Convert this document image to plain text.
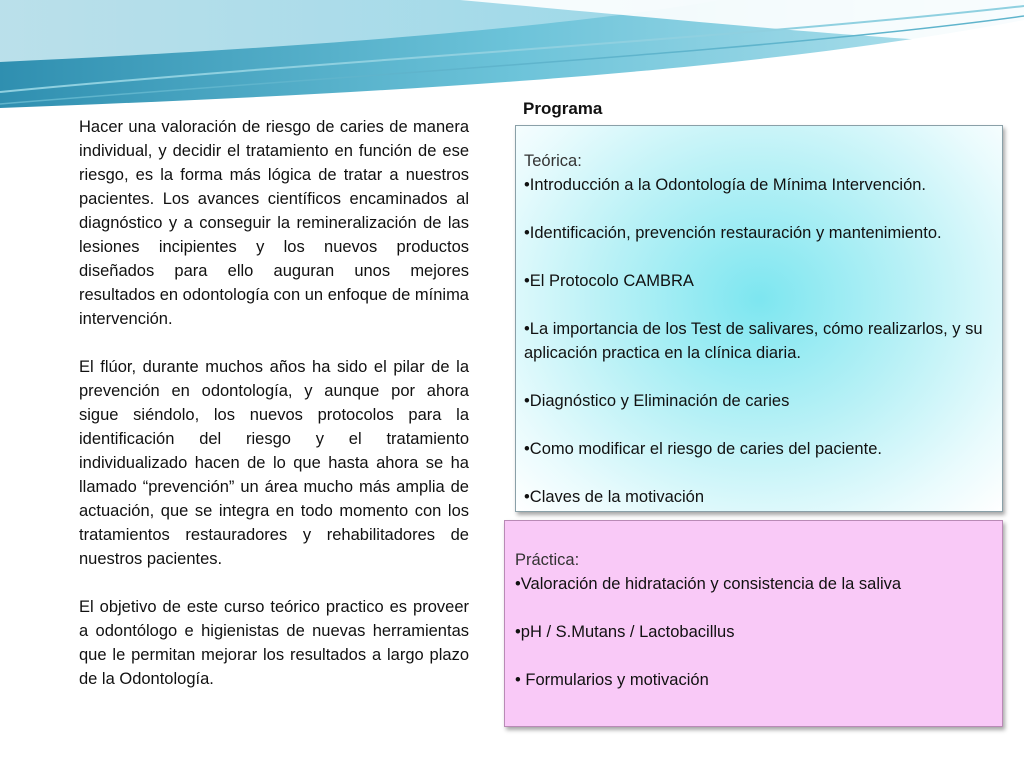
Hacer una valoración de riesgo de caries de manera individual, y decidir el tratamiento en función de ese riesgo, es la forma más lógica de tratar a nuestros pacientes. Los avances científicos encaminados al diagnóstico y a conseguir la remineralización de las lesiones incipientes y los nuevos productos diseñados para ello auguran unos mejores resultados en odontología con un enfoque de mínima intervención.

El flúor, durante muchos años ha sido el pilar de la prevención en odontología, y aunque por ahora sigue siéndolo, los nuevos protocolos para la identificación del riesgo y el tratamiento individualizado hacen de lo que hasta ahora se ha llamado “prevención” un área mucho más amplia de actuación, que se integra en todo momento con los tratamientos restauradores y rehabilitadores de nuestros pacientes.

El objetivo de este curso teórico practico es proveer a odontólogo e higienistas de nuevas herramientas que le permitan mejorar los resultados a largo plazo de la Odontología.

Programa
Teórica:
•Introducción a la Odontología de Mínima Intervención.
•Identificación, prevención restauración y mantenimiento.
•El Protocolo CAMBRA
•La importancia de los Test de salivares, cómo realizarlos, y su aplicación practica en la clínica diaria.
•Diagnóstico y Eliminación de caries
•Como modificar el riesgo de caries del paciente.
•Claves de la motivación
Práctica:
•Valoración de hidratación y consistencia de la saliva
•pH / S.Mutans / Lactobacillus
• Formularios y motivación
